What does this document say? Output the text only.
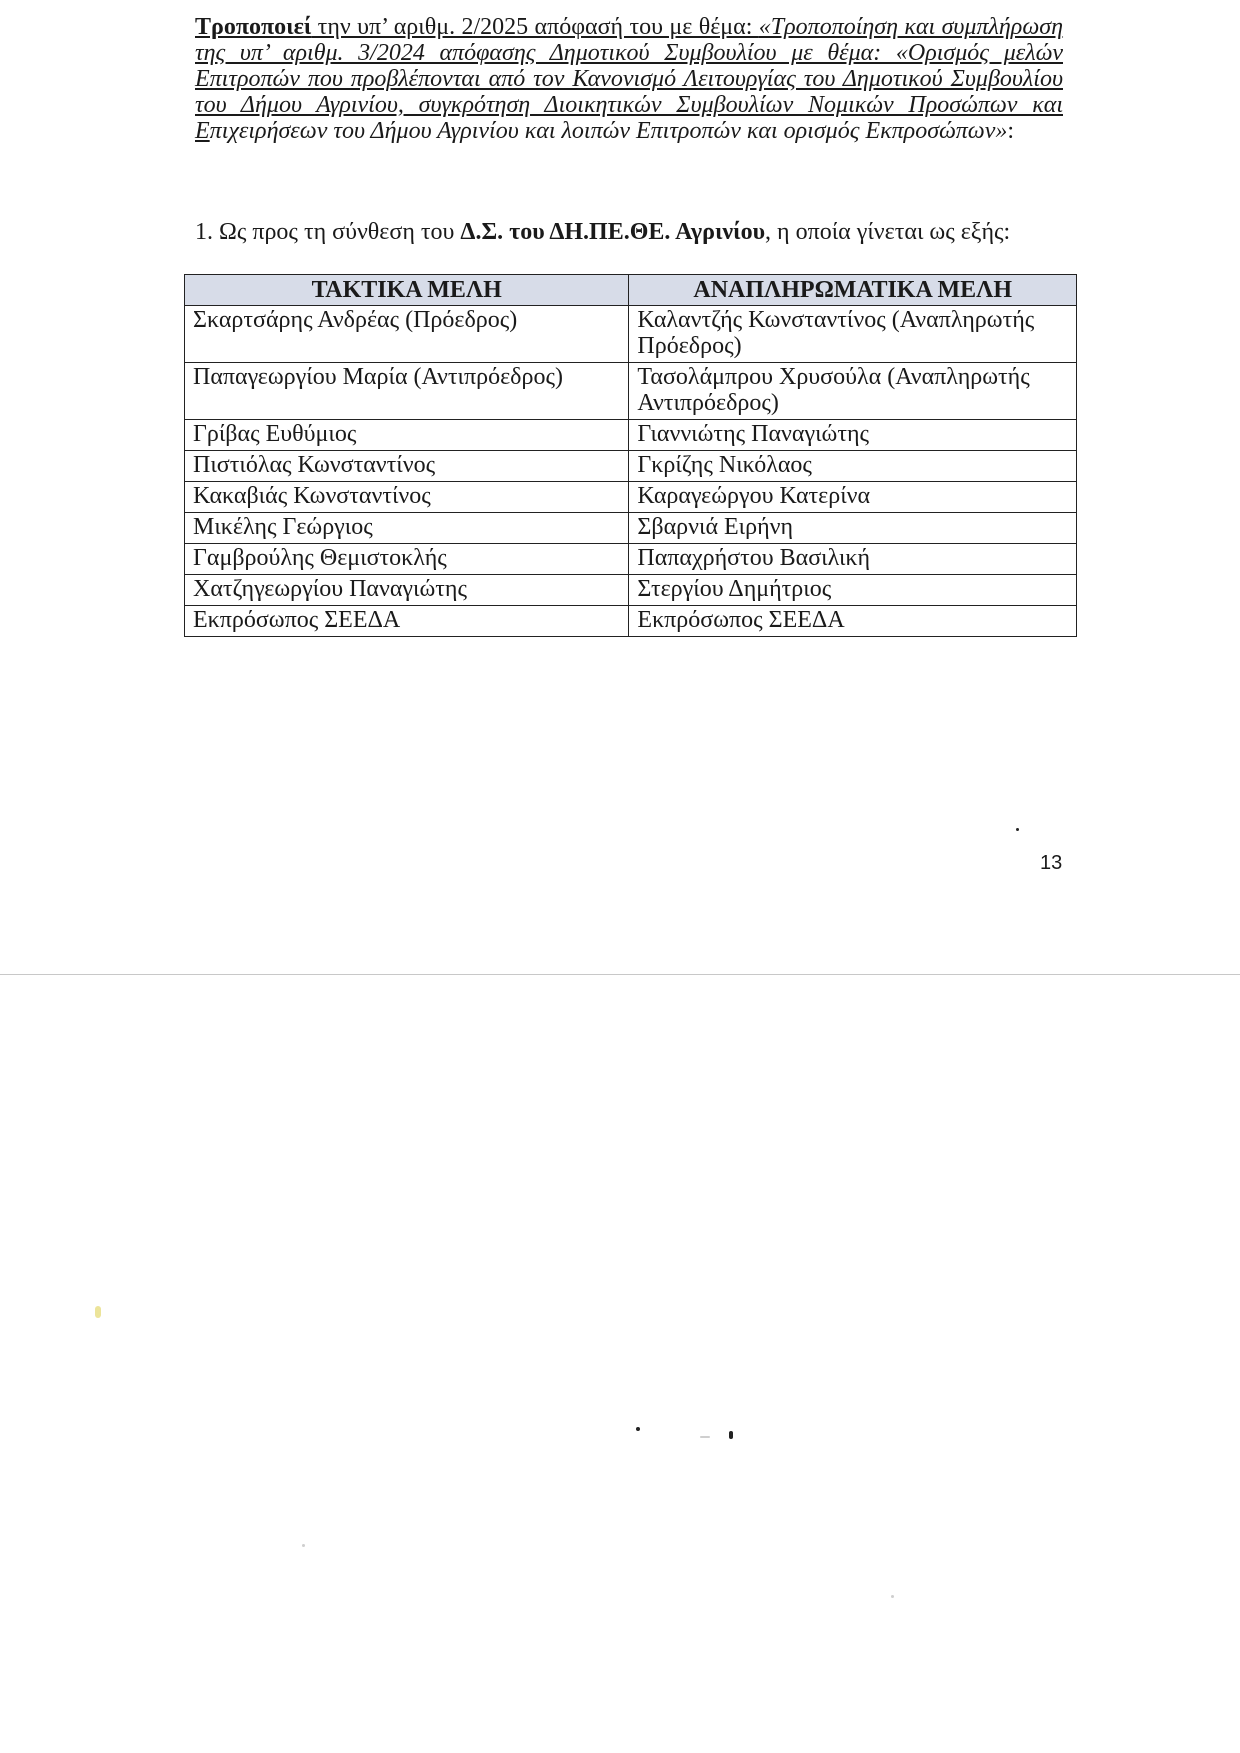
Τροποποιεί την υπ’ αριθμ. 2/2025 απόφασή του με θέμα: «Τροποποίηση και συμπλήρωση της υπ’ αριθμ. 3/2024 απόφασης Δημοτικού Συμβουλίου με θέμα: «Ορισμός μελών Επιτροπών που προβλέπονται από τον Κανονισμό Λειτουργίας του Δημοτικού Συμβουλίου του Δήμου Αγρινίου, συγκρότηση Διοικητικών Συμβουλίων Νομικών Προσώπων και Επιχειρήσεων του Δήμου Αγρινίου και λοιπών Επιτροπών και ορισμός Εκπροσώπων»:

1. Ως προς τη σύνθεση του Δ.Σ. του ΔΗ.ΠΕ.ΘΕ. Αγρινίου, η οποία γίνεται ως εξής:
ΤΑΚΤΙΚΑ ΜΕΛΗ	ΑΝΑΠΛΗΡΩΜΑΤΙΚΑ ΜΕΛΗ
Σκαρτσάρης Ανδρέας (Πρόεδρος)	Καλαντζής Κωνσταντίνος (Αναπληρωτής Πρόεδρος)
Παπαγεωργίου Μαρία (Αντιπρόεδρος)	Τασολάμπρου Χρυσούλα (Αναπληρωτής Αντιπρόεδρος)
Γρίβας Ευθύμιος	Γιαννιώτης Παναγιώτης
Πιστιόλας Κωνσταντίνος	Γκρίζης Νικόλαος
Κακαβιάς Κωνσταντίνος	Καραγεώργου Κατερίνα
Μικέλης Γεώργιος	Σβαρνιά Ειρήνη
Γαμβρούλης Θεμιστοκλής	Παπαχρήστου Βασιλική
Χατζηγεωργίου Παναγιώτης	Στεργίου Δημήτριος
Εκπρόσωπος ΣΕΕΔΑ	Εκπρόσωπος ΣΕΕΔΑ
13
